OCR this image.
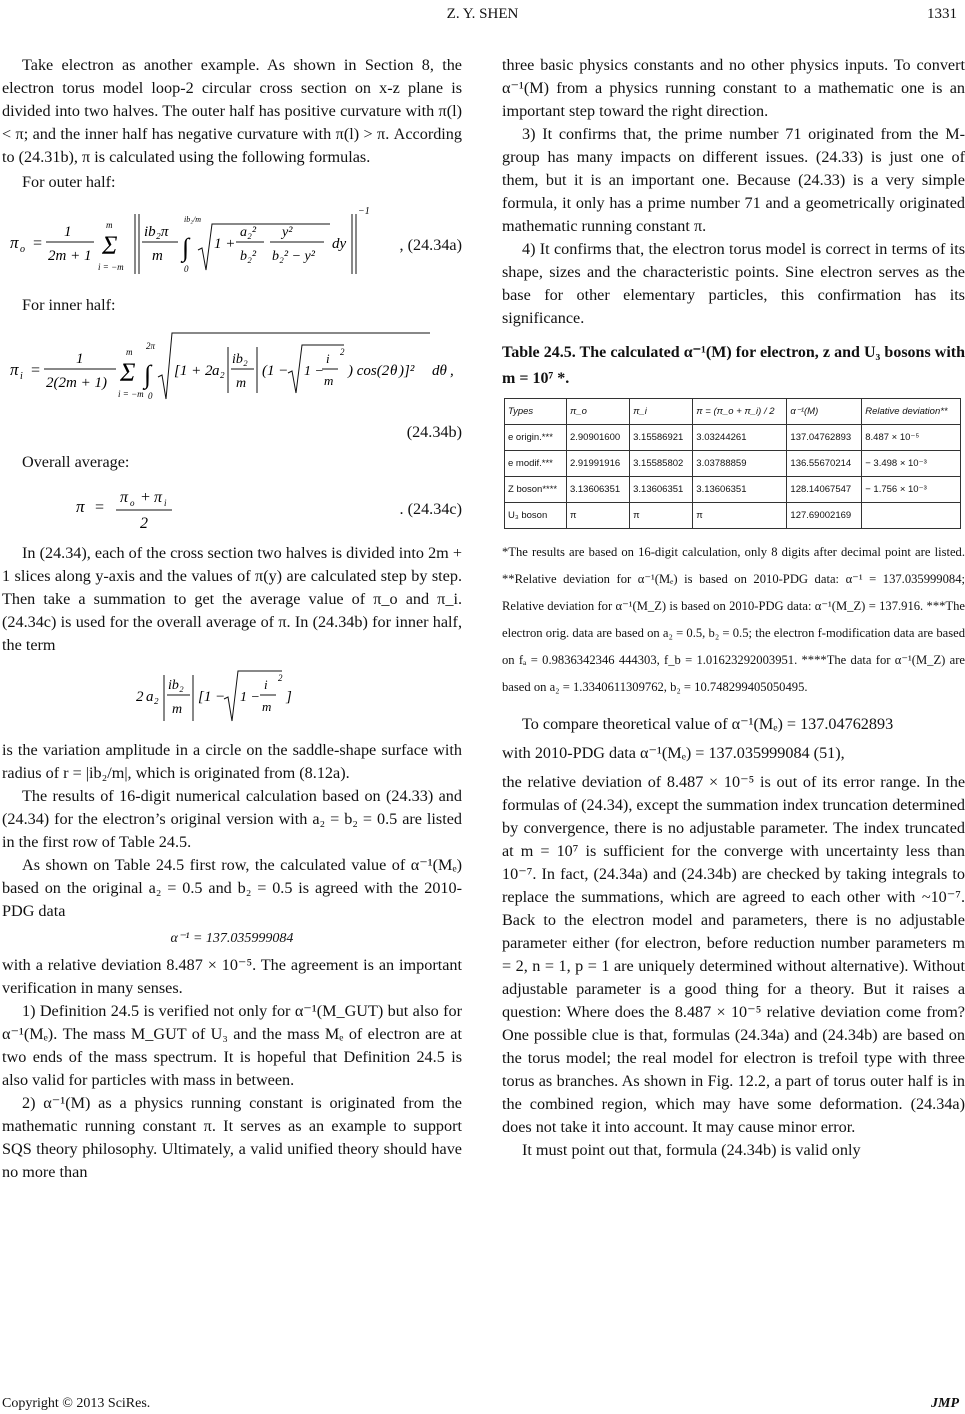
Z. Y. SHEN	1331

Take electron as another example. As shown in Section 8, the electron torus model loop-2 circular cross section on x-z plane is divided into two halves. The outer half has positive curvature with π(l) < π; and the inner half has negative curvature with π(l) > π. According to (24.31b), π is calculated using the following formulas.

For outer half:

π o =
1
2m + 1 Σ
m
i = −m
ib₂π
m ∫
ib₂/m
0
1 +
a₂²
b₂²
y²
b₂² − y²
dy
−1
, (24.34a)

For inner half:

π i =
1
2(2m + 1) Σ
m
i = −m
∫
2π
0
[1 + 2 a₂
ib₂
m
(1 − 1 −
i
m
2
) cos(2 θ )]² dθ ,
(24.34b)

Overall average:

π =
π o + π i
2
. (24.34c)

In (24.34), each of the cross section two halves is divided into 2m + 1 slices along y-axis and the values of π(y) are calculated step by step. Then take a summation to get the average value of π_o and π_i. (24.34c) is used for the overall average of π. In (24.34b) for inner half, the term

2 a₂
ib₂
m
[1 − 1 −
i
m
2
]

is the variation amplitude in a circle on the saddle-shape surface with radius of r = |ib₂/m|, which is originated from (8.12a).

The results of 16-digit numerical calculation based on (24.33) and (24.34) for the electron’s original version with a₂ = b₂ = 0.5 are listed in the first row of Table 24.5.

As shown on Table 24.5 first row, the calculated value of α⁻¹(Mₑ) based on the original a₂ = 0.5 and b₂ = 0.5 is agreed with the 2010-PDG data

α⁻¹ = 137.035999084

with a relative deviation 8.487 × 10⁻⁵. The agreement is an important verification in many senses.

1) Definition 24.5 is verified not only for α⁻¹(M_GUT) but also for α⁻¹(Mₑ). The mass M_GUT of U₃ and the mass Mₑ of electron are at two ends of the mass spectrum. It is hopeful that Definition 24.5 is also valid for particles with mass in between.

2) α⁻¹(M) as a physics running constant is originated from the mathematic running constant π. It serves as an example to support SQS theory philosophy. Ultimately, a valid unified theory should have no more than

three basic physics constants and no other physics inputs. To convert α⁻¹(M) from a physics running constant to a mathematic one is an important step toward the right direction.

3) It confirms that, the prime number 71 originated from the M-group has many impacts on different issues. (24.33) is just one of them, but it is an important one. Because (24.33) is a very simple formula, it only has a prime number 71 and a geometrically originated mathematic running constant π.

4) It confirms that, the electron torus model is correct in terms of its shape, sizes and the characteristic points. Sine electron serves as the base for other elementary particles, this confirmation has its significance.

Table 24.5. The calculated α⁻¹(M) for electron, z and U₃ bosons with m = 10⁷ *.

Types	π_o	π_i	π = (π_o + π_i) / 2	α⁻¹(M)	Relative deviation**
e origin.***	2.90901600	3.15586921	3.03244261	137.04762893	8.487 × 10⁻⁵
e modif.***	2.91991916	3.15585802	3.03788859	136.55670214	− 3.498 × 10⁻³
Z boson****	3.13606351	3.13606351	3.13606351	128.14067547	− 1.756 × 10⁻³
U₃ boson	π	π	π	127.69002169	

*The results are based on 16-digit calculation, only 8 digits after decimal point are listed. **Relative deviation for α⁻¹(Mₑ) is based on 2010-PDG data: α⁻¹ = 137.035999084; Relative deviation for α⁻¹(M_Z) is based on 2010-PDG data: α⁻¹(M_Z) = 137.916. ***The electron orig. data are based on a₂ = 0.5, b₂ = 0.5; the electron f-modification data are based on fₐ = 0.9836342346 444303, f_b = 1.01623292003951. ****The data for α⁻¹(M_Z) are based on a₂ = 1.3340611309762, b₂ = 10.748299405050495.

To compare theoretical value of α⁻¹(Mₑ) = 137.04762893

with 2010-PDG data α⁻¹(Mₑ) = 137.035999084 (51),

the relative deviation of 8.487 × 10⁻⁵ is out of its error range. In the formulas of (24.34), except the summation index truncation determined by convergence, there is no adjustable parameter. The index truncated at m = 10⁷ is sufficient for the converge with uncertainty less than 10⁻⁷. In fact, (24.34a) and (24.34b) are checked by taking integrals to replace the summations, which are agreed to each other with ~10⁻⁷. Back to the electron model and parameters, there is no adjustable parameter either (for electron, before reduction number parameters m = 2, n = 1, p = 1 are uniquely determined without alternative). Without adjustable parameter is a good thing for a theory. But it raises a question: Where does the 8.487 × 10⁻⁵ relative deviation come from? One possible clue is that, formulas (24.34a) and (24.34b) are based on the torus model; the real model for electron is trefoil type with three torus as branches. As shown in Fig. 12.2, a part of torus outer half is in the combined region, which may have some deformation. (24.34a) does not take it into account. It may cause minor error.

It must point out that, formula (24.34b) is valid only

Copyright © 2013 SciRes.	JMP
